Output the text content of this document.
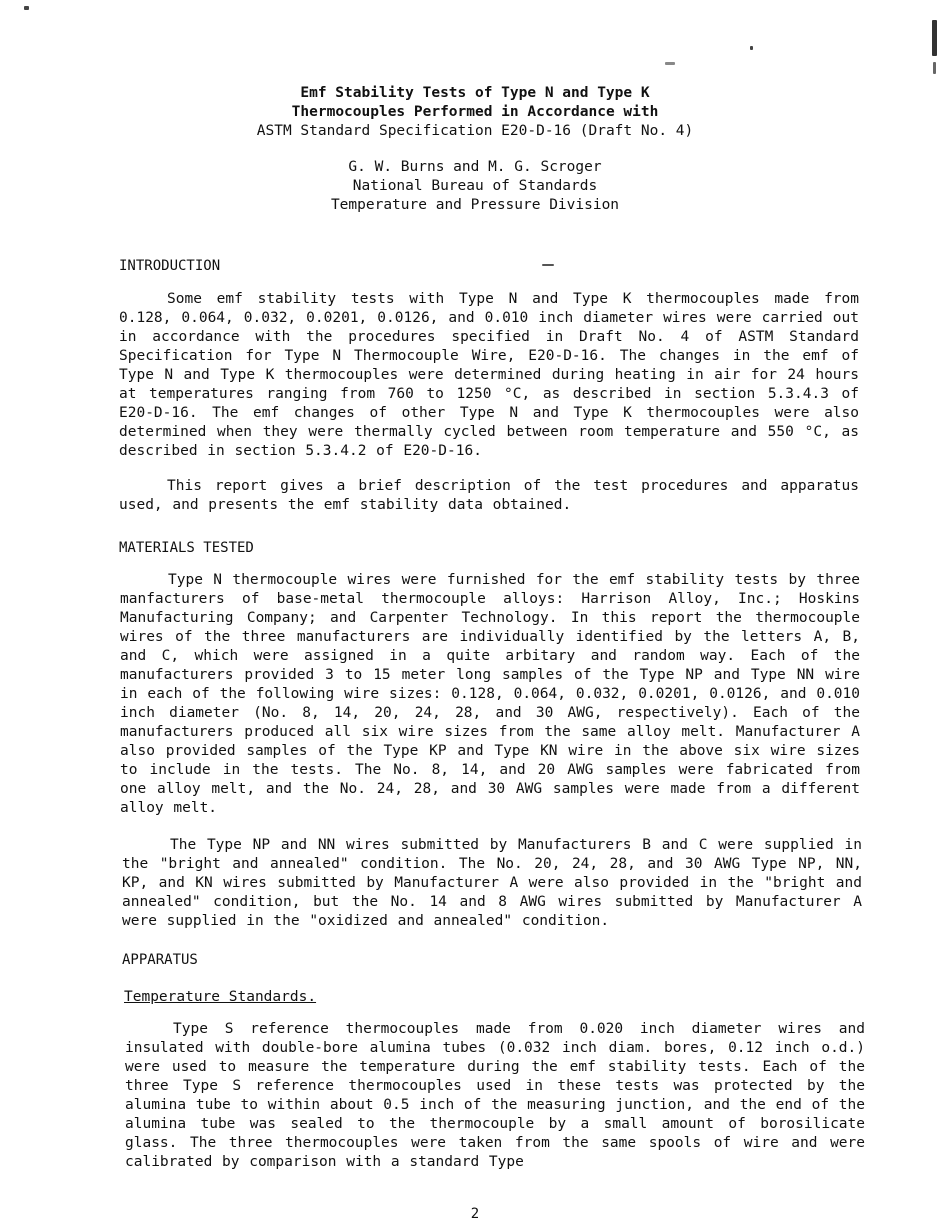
Emf Stability Tests of Type N and Type K
Thermocouples Performed in Accordance with
ASTM Standard Specification E20-D-16 (Draft No. 4)
G. W. Burns and M. G. Scroger
National Bureau of Standards
Temperature and Pressure Division
INTRODUCTION
Some emf stability tests with Type N and Type K thermocouples made from 0.128, 0.064, 0.032, 0.0201, 0.0126, and 0.010 inch diameter wires were carried out in accordance with the procedures specified in Draft No. 4 of ASTM Standard Specification for Type N Thermocouple Wire, E20-D-16. The changes in the emf of Type N and Type K thermocouples were determined during heating in air for 24 hours at temperatures ranging from 760 to 1250 °C, as described in section 5.3.4.3 of E20-D-16. The emf changes of other Type N and Type K thermocouples were also determined when they were thermally cycled between room temperature and 550 °C, as described in section 5.3.4.2 of E20-D-16.
This report gives a brief description of the test procedures and apparatus used, and presents the emf stability data obtained.
MATERIALS TESTED
Type N thermocouple wires were furnished for the emf stability tests by three manfacturers of base-metal thermocouple alloys: Harrison Alloy, Inc.; Hoskins Manufacturing Company; and Carpenter Technology. In this report the thermocouple wires of the three manufacturers are individually identified by the letters A, B, and C, which were assigned in a quite arbitary and random way. Each of the manufacturers provided 3 to 15 meter long samples of the Type NP and Type NN wire in each of the following wire sizes: 0.128, 0.064, 0.032, 0.0201, 0.0126, and 0.010 inch diameter (No. 8, 14, 20, 24, 28, and 30 AWG, respectively). Each of the manufacturers produced all six wire sizes from the same alloy melt. Manufacturer A also provided samples of the Type KP and Type KN wire in the above six wire sizes to include in the tests. The No. 8, 14, and 20 AWG samples were fabricated from one alloy melt, and the No. 24, 28, and 30 AWG samples were made from a different alloy melt.
The Type NP and NN wires submitted by Manufacturers B and C were supplied in the "bright and annealed" condition. The No. 20, 24, 28, and 30 AWG Type NP, NN, KP, and KN wires submitted by Manufacturer A were also provided in the "bright and annealed" condition, but the No. 14 and 8 AWG wires submitted by Manufacturer A were supplied in the "oxidized and annealed" condition.
APPARATUS
Temperature Standards.
Type S reference thermocouples made from 0.020 inch diameter wires and insulated with double-bore alumina tubes (0.032 inch diam. bores, 0.12 inch o.d.) were used to measure the temperature during the emf stability tests. Each of the three Type S reference thermocouples used in these tests was protected by the alumina tube to within about 0.5 inch of the measuring junction, and the end of the alumina tube was sealed to the thermocouple by a small amount of borosilicate glass. The three thermocouples were taken from the same spools of wire and were calibrated by comparison with a standard Type
2
